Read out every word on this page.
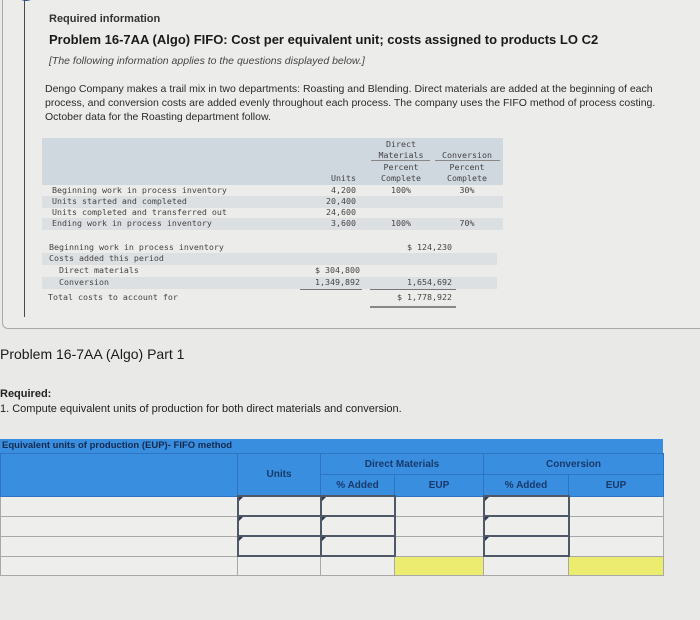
Required information
Problem 16-7AA (Algo) FIFO: Cost per equivalent unit; costs assigned to products LO C2
[The following information applies to the questions displayed below.]
Dengo Company makes a trail mix in two departments: Roasting and Blending. Direct materials are added at the beginning of each process, and conversion costs are added evenly throughout each process. The company uses the FIFO method of process costing. October data for the Roasting department follow.
Direct
Materials	Conversion
Percent	Percent
Complete	Complete
Units
Beginning work in process inventory	4,200	100%	30%
Units started and completed	20,400
Units completed and transferred out	24,600
Ending work in process inventory	3,600	100%	70%
Beginning work in process inventory	$ 124,230
Costs added this period
Direct materials	$ 304,800
Conversion	1,349,892	1,654,692
Total costs to account for	$ 1,778,922
Problem 16-7AA (Algo) Part 1
Required:
1. Compute equivalent units of production for both direct materials and conversion.
Equivalent units of production (EUP)- FIFO method
	Units	Direct Materials		Conversion	
		% Added	EUP	% Added	EUP
